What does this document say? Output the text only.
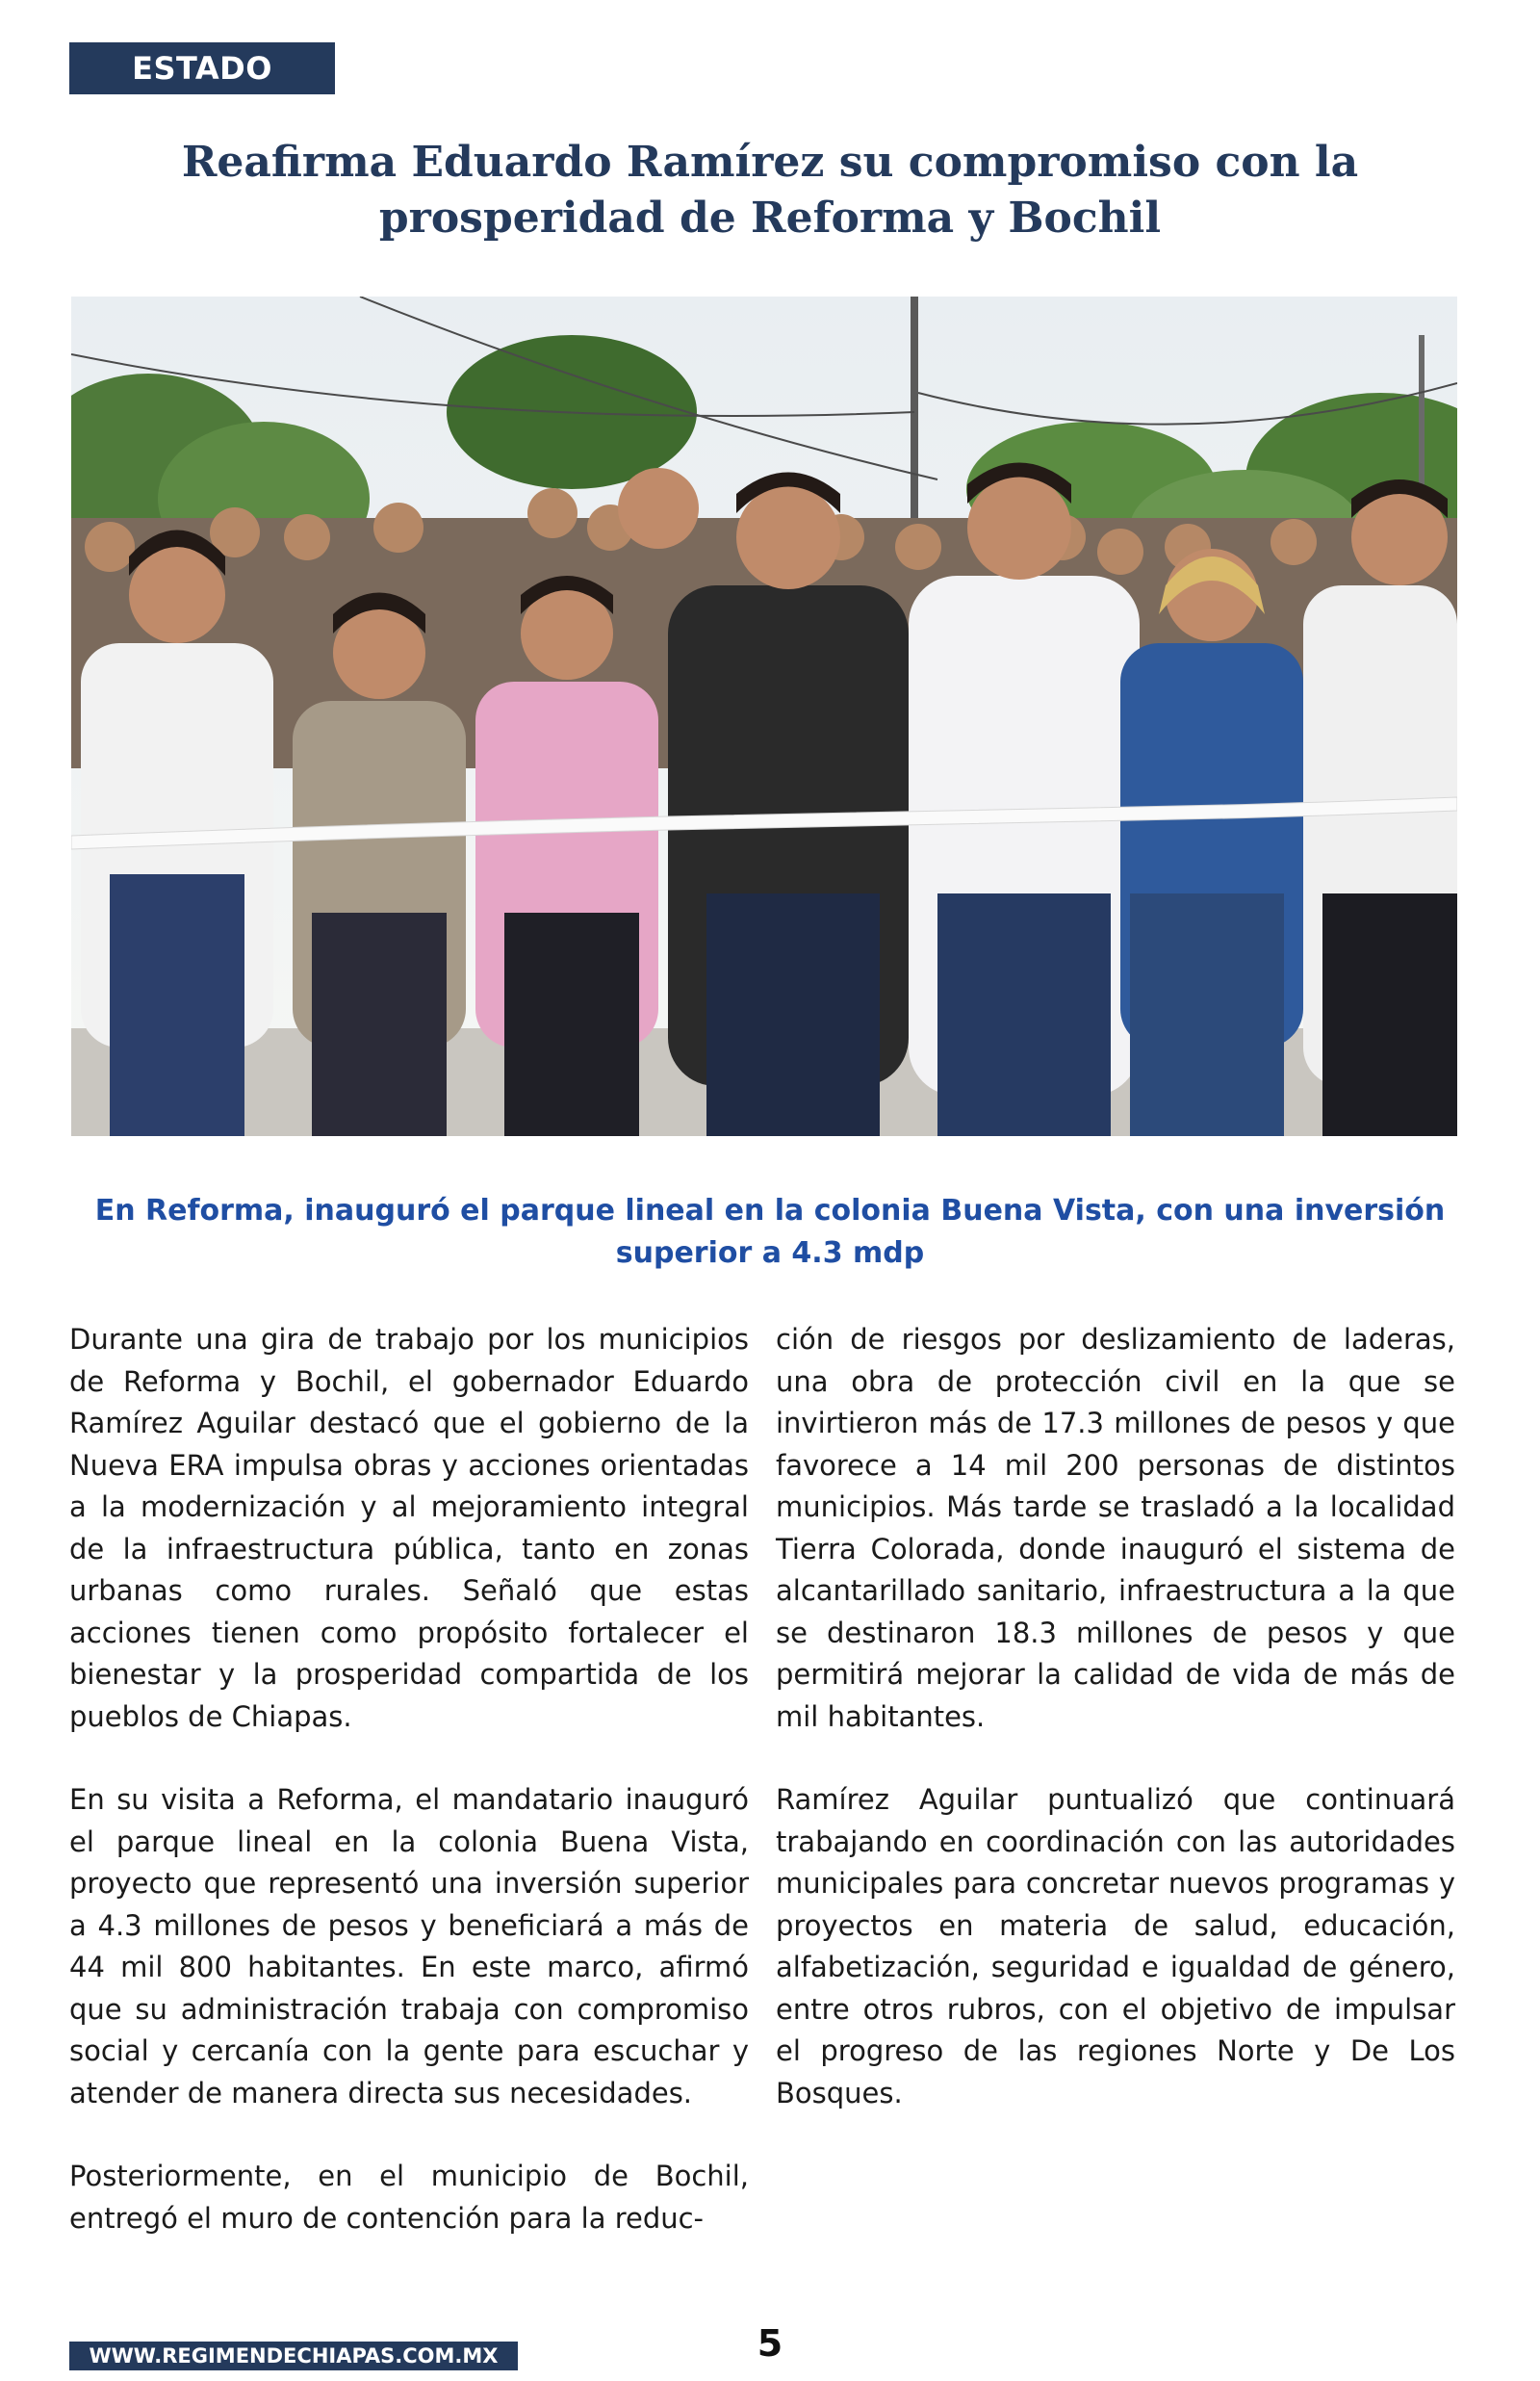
ESTADO
Reafirma Eduardo Ramírez su compromiso con la prosperidad de Reforma y Bochil

En Reforma, inauguró el parque lineal en la colonia Buena Vista, con una inversión superior a 4.3 mdp

Durante una gira de trabajo por los municipios de Reforma y Bochil, el gobernador Eduardo Ramírez Aguilar destacó que el gobierno de la Nueva ERA impulsa obras y acciones orientadas a la modernización y al mejoramiento integral de la infraestructura pública, tanto en zonas urbanas como rurales. Señaló que estas acciones tienen como propósito fortalecer el bienestar y la prosperidad compartida de los pueblos de Chiapas.

En su visita a Reforma, el mandatario inauguró el parque lineal en la colonia Buena Vista, proyecto que representó una inversión superior a 4.3 millones de pesos y beneficiará a más de 44 mil 800 habitantes. En este marco, afirmó que su administración trabaja con compromiso social y cercanía con la gente para escuchar y atender de manera directa sus necesidades.

Posteriormente, en el municipio de Bochil, entregó el muro de contención para la reduc-

ción de riesgos por deslizamiento de laderas, una obra de protección civil en la que se invirtieron más de 17.3 millones de pesos y que favorece a 14 mil 200 personas de distintos municipios. Más tarde se trasladó a la localidad Tierra Colorada, donde inauguró el sistema de alcantarillado sanitario, infraestructura a la que se destinaron 18.3 millones de pesos y que permitirá mejorar la calidad de vida de más de mil habitantes.

Ramírez Aguilar puntualizó que continuará trabajando en coordinación con las autoridades municipales para concretar nuevos programas y proyectos en materia de salud, educación, alfabetización, seguridad e igualdad de género, entre otros rubros, con el objetivo de impulsar el progreso de las regiones Norte y De Los Bosques.

5
WWW.REGIMENDECHIAPAS.COM.MX
